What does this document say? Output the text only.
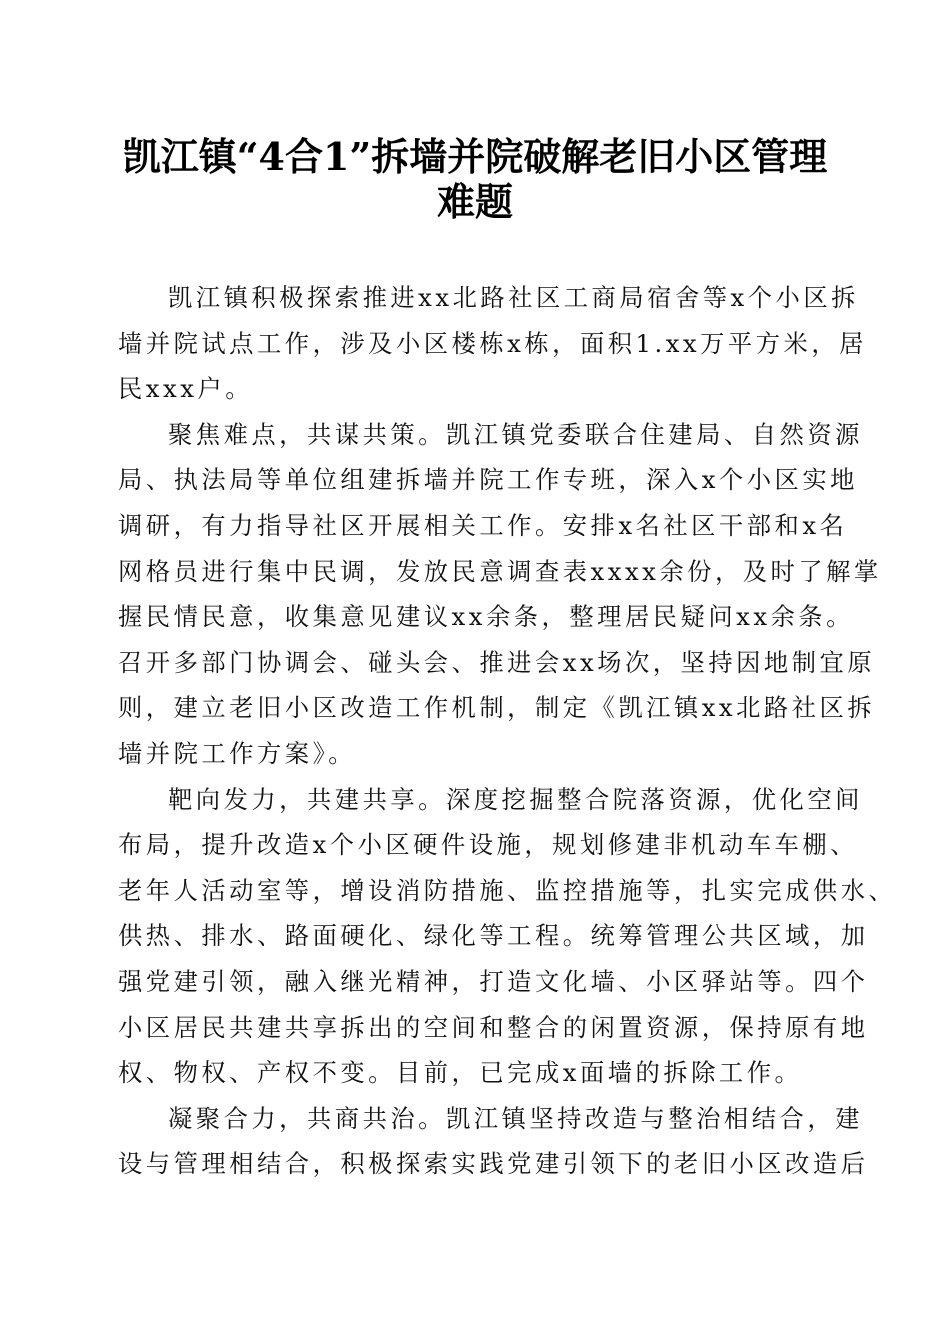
凯江镇“4合1”拆墙并院破解老旧小区管理
难题
凯江镇积极探索推进xx北路社区工商局宿舍等x个小区拆
墙并院试点工作，涉及小区楼栋x栋，面积1.xx万平方米，居
民xxx户。
聚焦难点，共谋共策。凯江镇党委联合住建局、自然资源
局、执法局等单位组建拆墙并院工作专班，深入x个小区实地
调研，有力指导社区开展相关工作。安排x名社区干部和x名
网格员进行集中民调，发放民意调查表xxxx余份，及时了解掌
握民情民意，收集意见建议xx余条，整理居民疑问xx余条。
召开多部门协调会、碰头会、推进会xx场次，坚持因地制宜原
则，建立老旧小区改造工作机制，制定《凯江镇xx北路社区拆
墙并院工作方案》。
靶向发力，共建共享。深度挖掘整合院落资源，优化空间
布局，提升改造x个小区硬件设施，规划修建非机动车车棚、
老年人活动室等，增设消防措施、监控措施等，扎实完成供水、
供热、排水、路面硬化、绿化等工程。统筹管理公共区域，加
强党建引领，融入继光精神，打造文化墙、小区驿站等。四个
小区居民共建共享拆出的空间和整合的闲置资源，保持原有地
权、物权、产权不变。目前，已完成x面墙的拆除工作。
凝聚合力，共商共治。凯江镇坚持改造与整治相结合，建
设与管理相结合，积极探索实践党建引领下的老旧小区改造后
